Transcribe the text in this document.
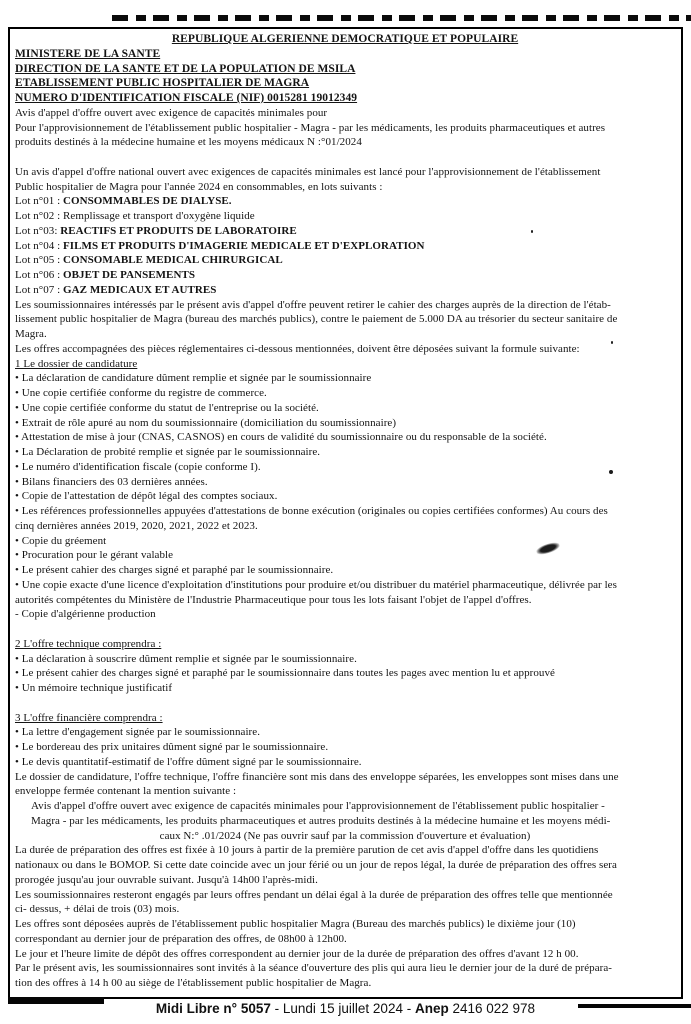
REPUBLIQUE ALGERIENNE DEMOCRATIQUE ET POPULAIRE
MINISTERE DE LA SANTE
DIRECTION DE LA SANTE ET DE LA POPULATION DE MSILA
ETABLISSEMENT PUBLIC HOSPITALIER DE MAGRA
NUMERO D'IDENTIFICATION FISCALE (NIF) 0015281 19012349
Avis d'appel d'offre ouvert avec exigence de capacités minimales pour
Pour l'approvisionnement de l'établissement public hospitalier - Magra - par les médicaments, les produits pharmaceutiques et autres
produits destinés à la médecine humaine et les moyens médicaux N :°01/2024

Un avis d'appel d'offre national ouvert avec exigences de capacités minimales est lancé pour l'approvisionnement de l'établissement
Public hospitalier de Magra pour l'année 2024 en consommables, en lots suivants :
Lot n°01 : CONSOMMABLES DE DIALYSE.
Lot n°02 : Remplissage et transport d'oxygène liquide
Lot n°03: REACTIFS ET PRODUITS DE LABORATOIRE
Lot n°04 : FILMS ET PRODUITS D'IMAGERIE MEDICALE ET D'EXPLORATION
Lot n°05 : CONSOMABLE MEDICAL CHIRURGICAL
Lot n°06 : OBJET DE PANSEMENTS
Lot n°07 : GAZ MEDICAUX ET AUTRES
Les soumissionnaires intéressés par le présent avis d'appel d'offre peuvent retirer le cahier des charges auprès de la direction de l'étab-
lissement public hospitalier de Magra (bureau des marchés publics), contre le paiement de 5.000 DA au trésorier du secteur sanitaire de
Magra.
Les offres accompagnées des pièces réglementaires ci-dessous mentionnées, doivent être déposées suivant la formule suivante:
1 Le dossier de candidature
• La déclaration de candidature dûment remplie et signée par le soumissionnaire
• Une copie certifiée conforme du registre de commerce.
• Une copie certifiée conforme du statut de l'entreprise ou la société.
• Extrait de rôle apuré au nom du soumissionnaire (domiciliation du soumissionnaire)
• Attestation de mise à jour (CNAS, CASNOS) en cours de validité du soumissionnaire ou du responsable de la société.
• La Déclaration de probité remplie et signée par le soumissionnaire.
• Le numéro d'identification fiscale (copie conforme I).
• Bilans financiers des 03 dernières années.
• Copie de l'attestation de dépôt légal des comptes sociaux.
• Les références professionnelles appuyées d'attestations de bonne exécution (originales ou copies certifiées conformes) Au cours des
cinq dernières années 2019, 2020, 2021, 2022 et 2023.
• Copie du gréement
• Procuration pour le gérant valable
• Le présent cahier des charges signé et paraphé par le soumissionnaire.
• Une copie exacte d'une licence d'exploitation d'institutions pour produire et/ou distribuer du matériel pharmaceutique, délivrée par les
autorités compétentes du Ministère de l'Industrie Pharmaceutique pour tous les lots faisant l'objet de l'appel d'offres.
- Copie d'algérienne production

2 L'offre technique comprendra :
• La déclaration à souscrire dûment remplie et signée par le soumissionnaire.
• Le présent cahier des charges signé et paraphé par le soumissionnaire dans toutes les pages avec mention lu et approuvé
• Un mémoire technique justificatif

3 L'offre financière comprendra :
• La lettre d'engagement signée par le soumissionnaire.
• Le bordereau des prix unitaires dûment signé par le soumissionnaire.
• Le devis quantitatif-estimatif de l'offre dûment signé par le soumissionnaire.
Le dossier de candidature, l'offre technique, l'offre financière sont mis dans des enveloppe séparées, les enveloppes sont mises dans une
enveloppe fermée contenant la mention suivante :
Avis d'appel d'offre ouvert avec exigence de capacités minimales pour l'approvisionnement de l'établissement public hospitalier -
Magra - par les médicaments, les produits pharmaceutiques et autres produits destinés à la médecine humaine et les moyens médi-
caux N:° .01/2024 (Ne pas ouvrir sauf par la commission d'ouverture et évaluation)
La durée de préparation des offres est fixée à 10 jours à partir de la première parution de cet avis d'appel d'offre dans les quotidiens
nationaux ou dans le BOMOP. Si cette date coincide avec un jour férié ou un jour de repos légal, la durée de préparation des offres sera
prorogée jusqu'au jour ouvrable suivant. Jusqu'à 14h00 l'après-midi.
Les soumissionnaires resteront engagés par leurs offres pendant un délai égal à la durée de préparation des offres telle que mentionnée
ci- dessus, + délai de trois (03) mois.
Les offres sont déposées auprès de l'établissement public hospitalier Magra (Bureau des marchés publics) le dixième jour (10)
correspondant au dernier jour de préparation des offres, de 08h00 à 12h00.
Le jour et l'heure limite de dépôt des offres correspondent au dernier jour de la durée de préparation des offres d'avant 12 h 00.
Par le présent avis, les soumissionnaires sont invités à la séance d'ouverture des plis qui aura lieu le dernier jour de la duré de prépara-
tion des offres à 14 h 00 au siège de l'établissement public hospitalier de Magra.
Midi Libre n° 5057 - Lundi 15 juillet 2024 - Anep 2416 022 978
